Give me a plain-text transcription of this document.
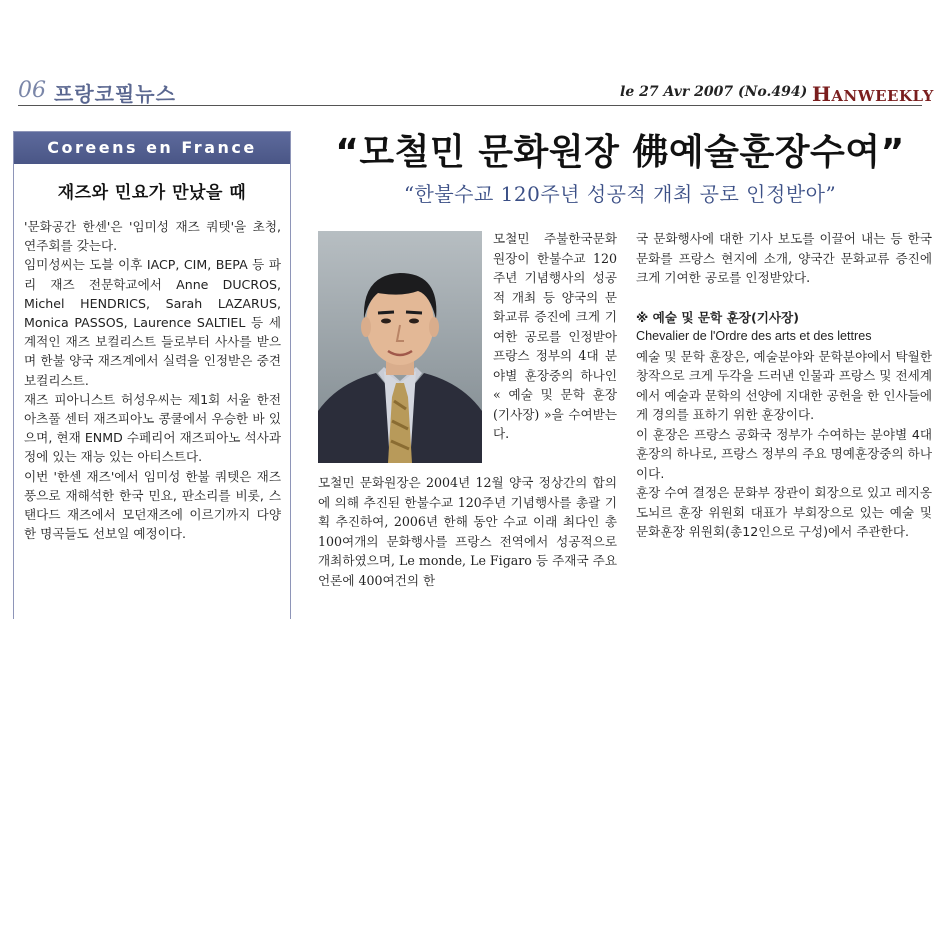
06 프랑코필뉴스	le 27 Avr 2007 (No.494) HANWEEKLY
Coreens en France
재즈와 민요가 만났을 때

'문화공간 한센'은 '임미성 재즈 쿼텟'을 초청, 연주회를 갖는다.

임미성씨는 도블 이후 IACP, CIM, BEPA 등 파리 재즈 전문학교에서 Anne DUCROS, Michel HENDRICS, Sarah LAZARUS, Monica PASSOS, Laurence SALTIEL 등 세계적인 재즈 보컬리스트 들로부터 사사를 받으며 한불 양국 재즈계에서 실력을 인정받은 중견 보컬리스트.

재즈 피아니스트 허성우씨는 제1회 서울 한전 아츠풀 센터 재즈피아노 콩쿨에서 우승한 바 있으며, 현재 ENMD 수페리어 재즈피아노 석사과정에 있는 재능 있는 아티스트다.

이번 '한센 재즈'에서 임미성 한불 쿼텟은 재즈 풍으로 재해석한 한국 민요, 판소리를 비롯, 스탠다드 재즈에서 모던재즈에 이르기까지 다양한 명곡들도 선보일 예정이다.

“모철민 문화원장 佛예술훈장수여”
“한불수교 120주년 성공적 개최 공로 인정받아”
모철민 주불한국문화원장이 한불수교 120주년 기념행사의 성공적 개최 등 양국의 문화교류 증진에 크게 기여한 공로를 인정받아 프랑스 정부의 4대 분야별 훈장중의 하나인 « 예술 및 문학 훈장(기사장) »을 수여받는다.
모철민 문화원장은 2004년 12월 양국 정상간의 합의에 의해 추진된 한불수교 120주년 기념행사를 총괄 기획 추진하여, 2006년 한해 동안 수교 이래 최다인 총 100여개의 문화행사를 프랑스 전역에서 성공적으로 개최하였으며, Le monde, Le Figaro 등 주재국 주요 언론에 400여건의 한

국 문화행사에 대한 기사 보도를 이끌어 내는 등 한국 문화를 프랑스 현지에 소개, 양국간 문화교류 증진에 크게 기여한 공로를 인정받았다.

※ 예술 및 문학 훈장(기사장)

Chevalier de l'Ordre des arts et des lettres

예술 및 문학 훈장은, 예술분야와 문학분야에서 탁월한 창작으로 크게 두각을 드러낸 인물과 프랑스 및 전세계에서 예술과 문학의 선양에 지대한 공헌을 한 인사들에게 경의를 표하기 위한 훈장이다.

이 훈장은 프랑스 공화국 정부가 수여하는 분야별 4대 훈장의 하나로, 프랑스 정부의 주요 명예훈장중의 하나이다.

훈장 수여 결정은 문화부 장관이 회장으로 있고 레지옹도뇌르 훈장 위원회 대표가 부회장으로 있는 예술 및 문화훈장 위원회(총12인으로 구성)에서 주관한다.
